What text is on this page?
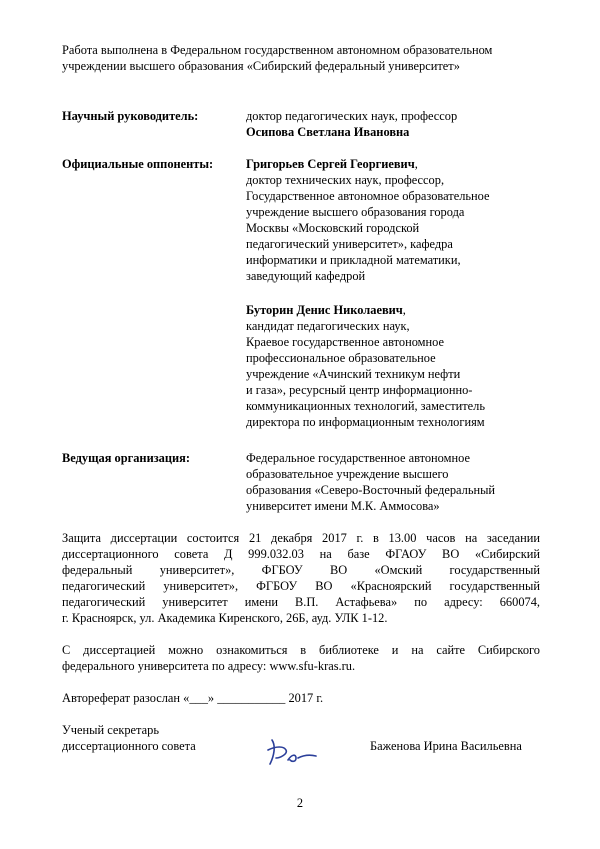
Работа выполнена в Федеральном государственном автономном образовательном
учреждении высшего образования «Сибирский федеральный университет»
Научный руководитель:	доктор педагогических наук, профессор
Осипова Светлана Ивановна
Официальные оппоненты:	Григорьев Сергей Георгиевич,
доктор технических наук, профессор,
Государственное автономное образовательное
учреждение высшего образования города
Москвы «Московский городской
педагогический университет», кафедра
информатики и прикладной математики,
заведующий кафедрой
Буторин Денис Николаевич,
кандидат педагогических наук,
Краевое государственное автономное
профессиональное образовательное
учреждение «Ачинский техникум нефти
и газа», ресурсный центр информационно-
коммуникационных технологий, заместитель
директора по информационным технологиям
Ведущая организация:	Федеральное государственное автономное
образовательное учреждение высшего
образования «Северо-Восточный федеральный
университет имени М.К. Аммосова»
Защита диссертации состоится 21 декабря 2017 г. в 13.00 часов на заседании
диссертационного совета Д 999.032.03 на базе ФГАОУ ВО «Сибирский
федеральный университет», ФГБОУ ВО «Омский государственный
педагогический университет», ФГБОУ ВО «Красноярский государственный
педагогический университет имени В.П. Астафьева» по адресу: 660074,
г. Красноярск, ул. Академика Киренского, 26Б, ауд. УЛК 1-12.
С диссертацией можно ознакомиться в библиотеке и на сайте Сибирского
федерального университета по адресу: www.sfu-kras.ru.
Автореферат разослан «___» ___________ 2017 г.
Ученый секретарь
диссертационного совета	Баженова Ирина Васильевна
2
